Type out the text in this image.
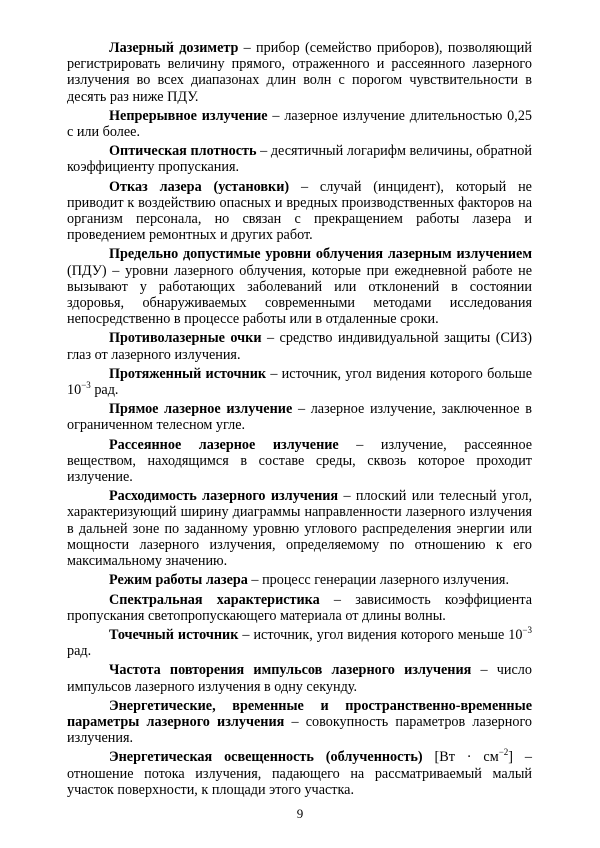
Лазерный дозиметр – прибор (семейство приборов), позволяющий регистрировать величину прямого, отраженного и рассеянного лазерного излучения во всех диапазонах длин волн с порогом чувствительности в десять раз ниже ПДУ.

Непрерывное излучение – лазерное излучение длительностью 0,25 с или более.

Оптическая плотность – десятичный логарифм величины, обратной коэффициенту пропускания.

Отказ лазера (установки) – случай (инцидент), который не приводит к воздействию опасных и вредных производственных факторов на организм персонала, но связан с прекращением работы лазера и проведением ремонтных и других работ.

Предельно допустимые уровни облучения лазерным излучением (ПДУ) – уровни лазерного облучения, которые при ежедневной работе не вызывают у работающих заболеваний или отклонений в состоянии здоровья, обнаруживаемых современными методами исследования непосредственно в процессе работы или в отдаленные сроки.

Противолазерные очки – средство индивидуальной защиты (СИЗ) глаз от лазерного излучения.

Протяженный источник – источник, угол видения которого больше $10^{-3}$ рад.

Прямое лазерное излучение – лазерное излучение, заключенное в ограниченном телесном угле.

Рассеянное лазерное излучение – излучение, рассеянное веществом, находящимся в составе среды, сквозь которое проходит излучение.

Расходимость лазерного излучения – плоский или телесный угол, характеризующий ширину диаграммы направленности лазерного излучения в дальней зоне по заданному уровню углового распределения энергии или мощности лазерного излучения, определяемому по отношению к его максимальному значению.

Режим работы лазера – процесс генерации лазерного излучения.

Спектральная характеристика – зависимость коэффициента пропускания светопропускающего материала от длины волны.

Точечный источник – источник, угол видения которого меньше $10^{-3}$ рад.

Частота повторения импульсов лазерного излучения – число импульсов лазерного излучения в одну секунду.

Энергетические, временные и пространственно-временные параметры лазерного излучения – совокупность параметров лазерного излучения.

Энергетическая освещенность (облученность) $[Вт \cdot см^{-2}]$ – отношение потока излучения, падающего на рассматриваемый малый участок поверхности, к площади этого участка.

9
